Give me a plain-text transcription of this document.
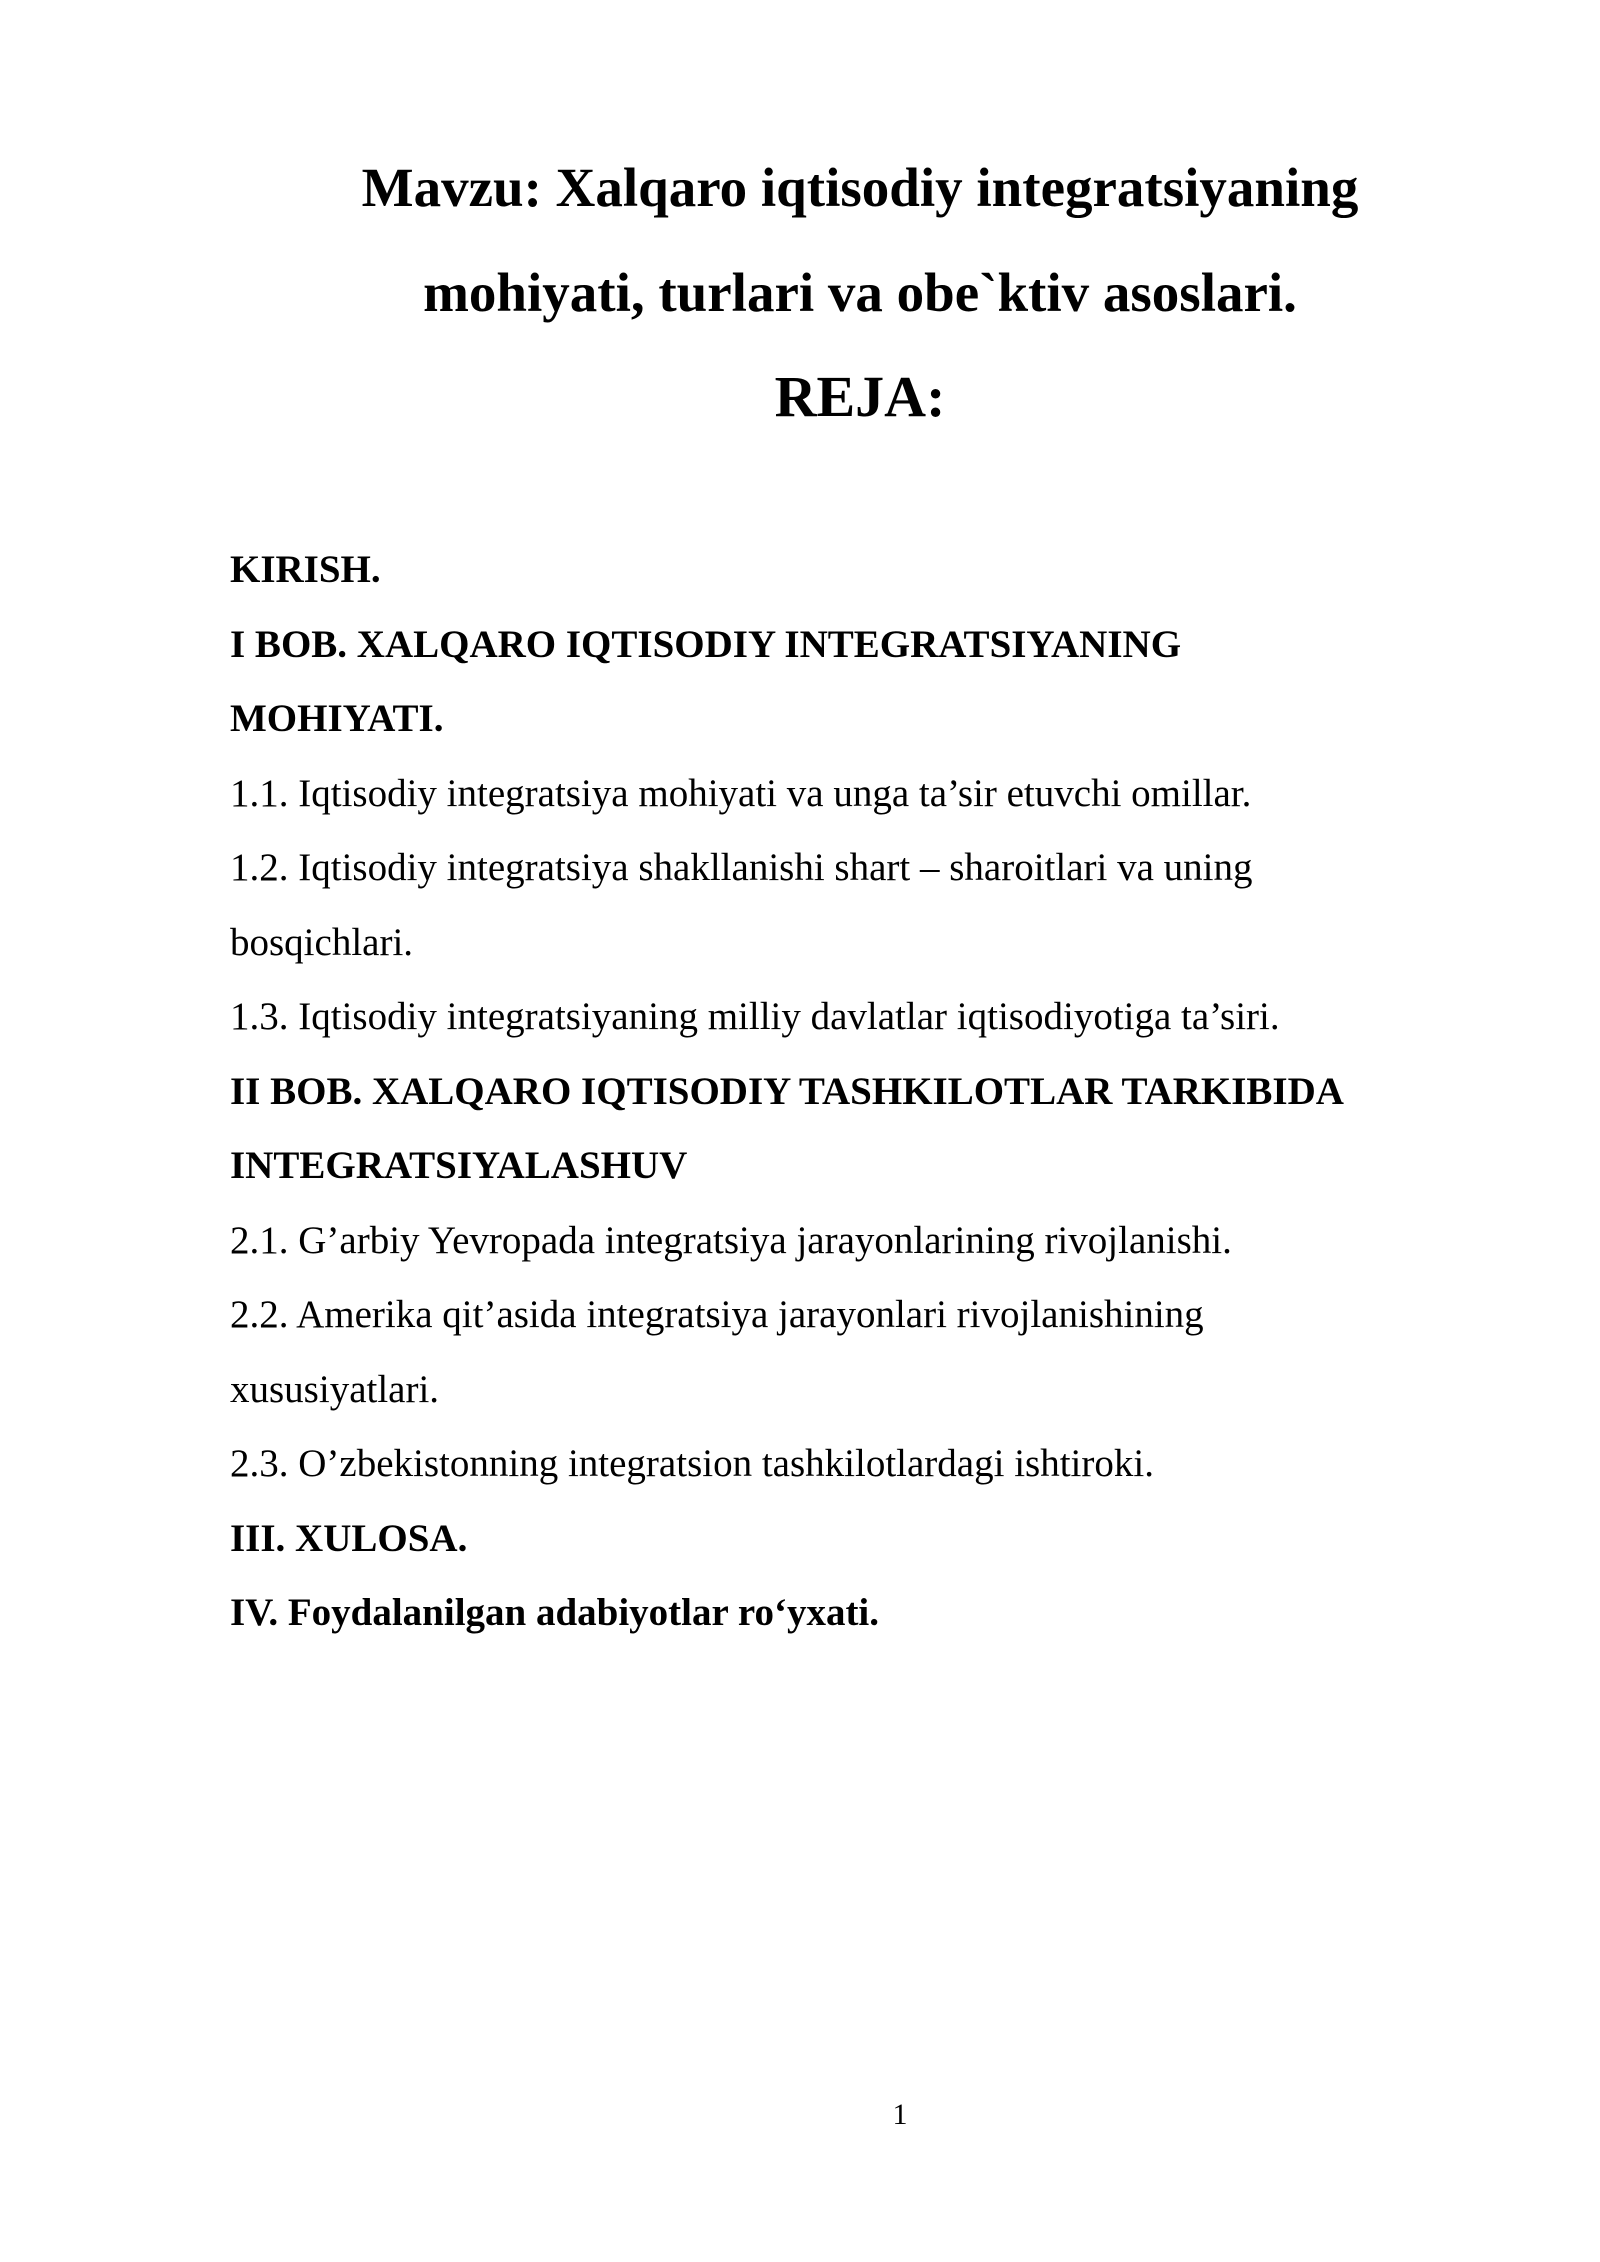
Mavzu: Xalqaro iqtisodiy integratsiyaning
mohiyati, turlari va obe`ktiv asoslari.
REJA:
KIRISH.
I BOB. XALQARO IQTISODIY INTEGRATSIYANING
MOHIYATI.
1.1. Iqtisodiy integratsiya mohiyati va unga ta’sir etuvchi omillar.
1.2. Iqtisodiy integratsiya shakllanishi shart – sharoitlari va uning
bosqichlari.
1.3. Iqtisodiy integratsiyaning milliy davlatlar iqtisodiyotiga ta’siri.
II BOB. XALQARO IQTISODIY TASHKILOTLAR TARKIBIDA
INTEGRATSIYALASHUV
2.1. G’arbiy Yevropada integratsiya jarayonlarining rivojlanishi.
2.2. Amerika qit’asida integratsiya jarayonlari rivojlanishining
xususiyatlari.
2.3. O’zbekistonning integratsion tashkilotlardagi ishtiroki.
III. XULOSA.
IV. Foydalanilgan adabiyotlar ro‘yxati.
1
